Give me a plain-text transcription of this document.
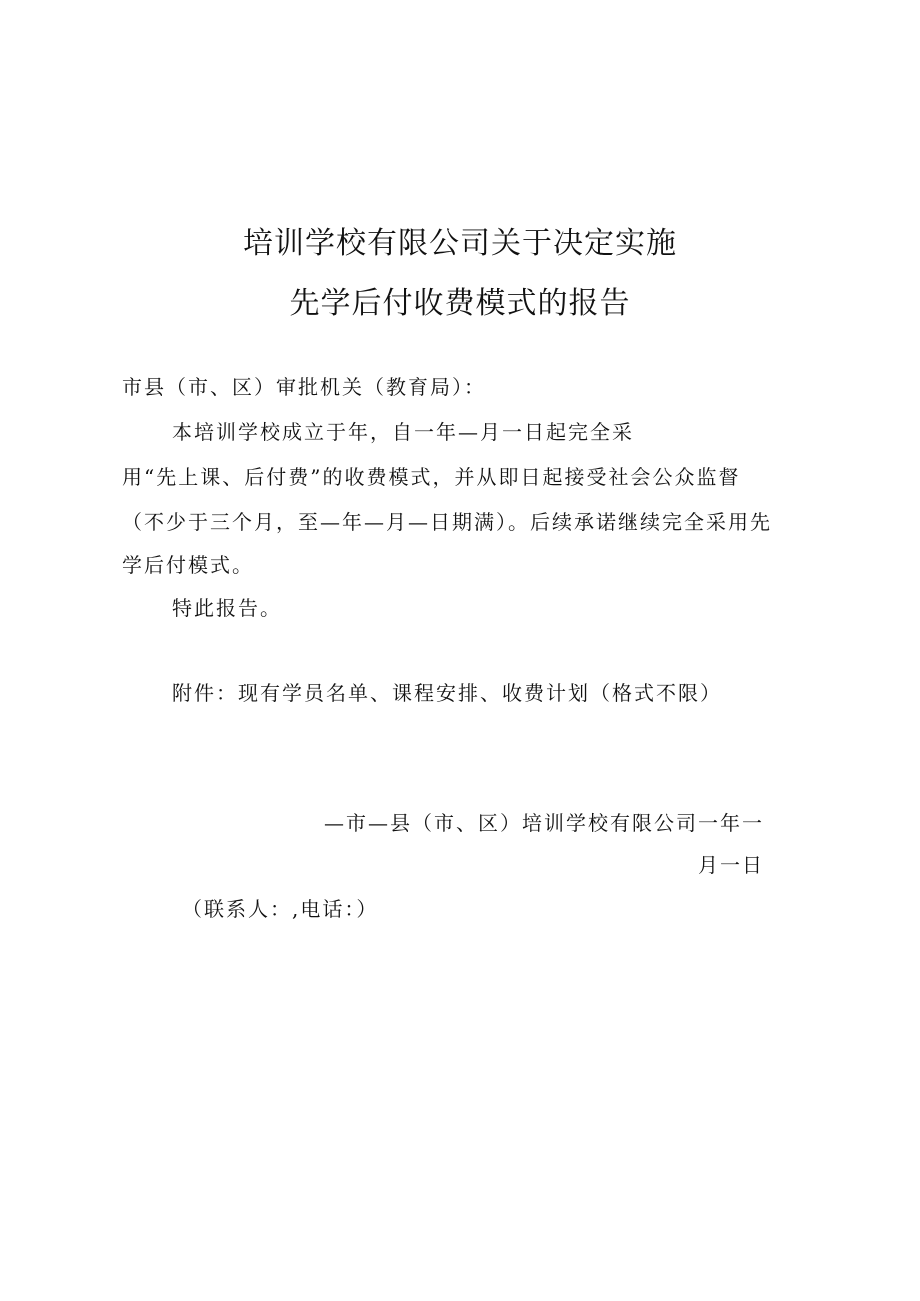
培训学校有限公司关于决定实施
先学后付收费模式的报告
市县（市、区）审批机关（教育局）：
本培训学校成立于年，自一年—月一日起完全采
用“先上课、后付费”的收费模式，并从即日起接受社会公众监督
（不少于三个月，至—年—月—日期满）。后续承诺继续完全采用先
学后付模式。
特此报告。
附件：现有学员名单、课程安排、收费计划（格式不限）
—市—县（市、区）培训学校有限公司一年一
月一日
（联系人：,电话：）
